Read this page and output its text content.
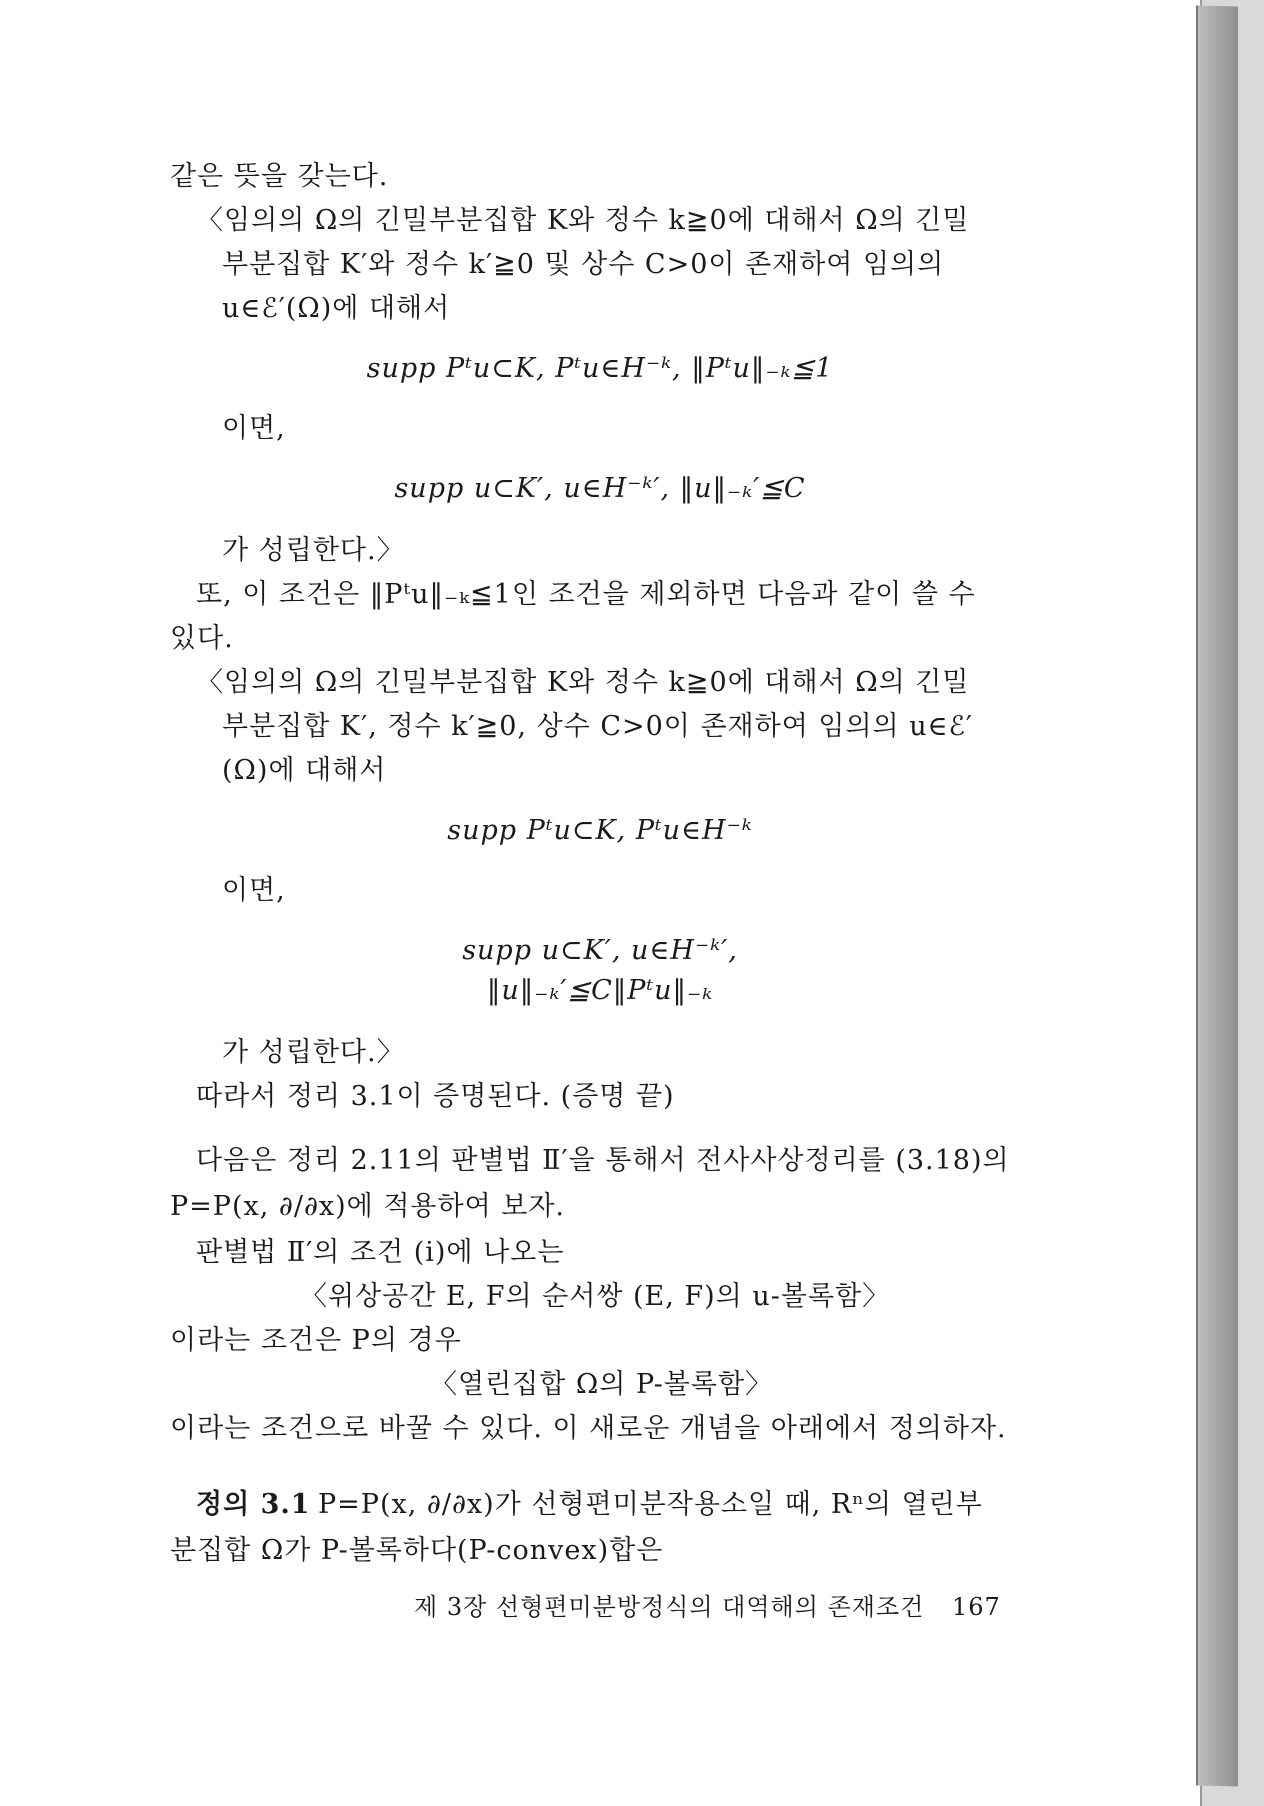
같은 뜻을 갖는다.
〈임의의 Ω의 긴밀부분집합 K와 정수 k≧0에 대해서 Ω의 긴밀
부분집합 K′와 정수 k′≧0 및 상수 C>0이 존재하여 임의의
u∈ℰ′(Ω)에 대해서
supp Pᵗu⊂K, Pᵗu∈H⁻ᵏ, ‖Pᵗu‖₋ₖ≦1
이면,
supp u⊂K′, u∈H⁻ᵏ′, ‖u‖₋ₖ′≦C
가 성립한다.〉
또, 이 조건은 ‖Pᵗu‖₋ₖ≦1인 조건을 제외하면 다음과 같이 쓸 수
있다.
〈임의의 Ω의 긴밀부분집합 K와 정수 k≧0에 대해서 Ω의 긴밀
부분집합 K′, 정수 k′≧0, 상수 C>0이 존재하여 임의의 u∈ℰ′
(Ω)에 대해서
supp Pᵗu⊂K, Pᵗu∈H⁻ᵏ
이면,
supp u⊂K′, u∈H⁻ᵏ′,
‖u‖₋ₖ′≦C‖Pᵗu‖₋ₖ
가 성립한다.〉
따라서 정리 3.1이 증명된다. (증명 끝)
다음은 정리 2.11의 판별법 Ⅱ′을 통해서 전사사상정리를 (3.18)의
P=P(x, ∂/∂x)에 적용하여 보자.
판별법 Ⅱ′의 조건 (i)에 나오는
〈위상공간 E, F의 순서쌍 (E, F)의 u-볼록함〉
이라는 조건은 P의 경우
〈열린집합 Ω의 P-볼록함〉
이라는 조건으로 바꿀 수 있다. 이 새로운 개념을 아래에서 정의하자.
정의 3.1 P=P(x, ∂/∂x)가 선형편미분작용소일 때, Rⁿ의 열린부
분집합 Ω가 P-볼록하다(P-convex)합은
제 3장 선형편미분방정식의 대역해의 존재조건 167
